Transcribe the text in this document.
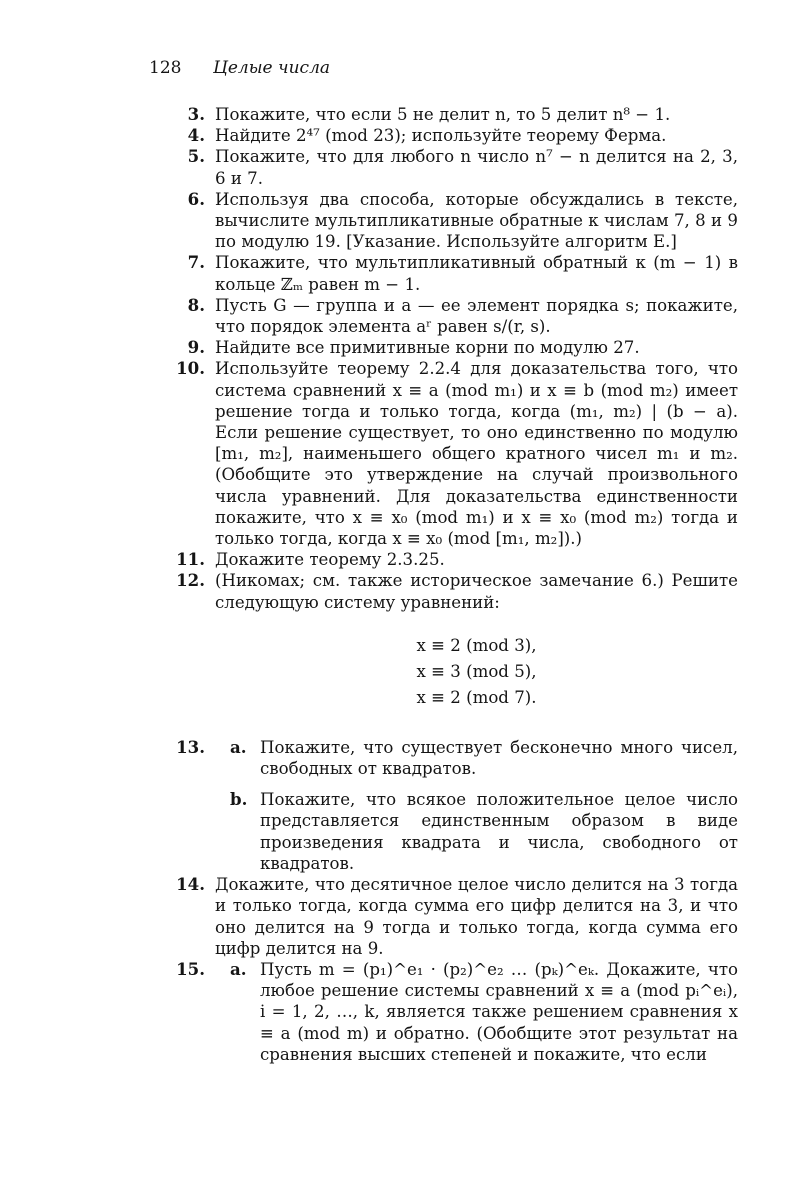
128 Целые числа
3. Покажите, что если 5 не делит n, то 5 делит n⁸ − 1.
4. Найдите 2⁴⁷ (mod 23); используйте теорему Ферма.
5. Покажите, что для любого n число n⁷ − n делится на 2, 3, 6 и 7.
6. Используя два способа, которые обсуждались в тексте, вычислите мультипликативные обратные к числам 7, 8 и 9 по модулю 19. [Указание. Используйте алгоритм E.]
7. Покажите, что мультипликативный обратный к (m − 1) в кольце ℤₘ равен m − 1.
8. Пусть G — группа и a — ее элемент порядка s; покажите, что порядок элемента aʳ равен s/(r, s).
9. Найдите все примитивные корни по модулю 27.
10. Используйте теорему 2.2.4 для доказательства того, что система сравнений x ≡ a (mod m₁) и x ≡ b (mod m₂) имеет решение тогда и только тогда, когда (m₁, m₂) | (b − a). Если решение существует, то оно единственно по модулю [m₁, m₂], наименьшего общего кратного чисел m₁ и m₂. (Обобщите это утверждение на случай произвольного числа уравнений. Для доказательства единственности покажите, что x ≡ x₀ (mod m₁) и x ≡ x₀ (mod m₂) тогда и только тогда, когда x ≡ x₀ (mod [m₁, m₂]).)
11. Докажите теорему 2.3.25.
12. (Никомах; см. также историческое замечание 6.) Решите следующую систему уравнений:
x ≡ 2 (mod 3),
x ≡ 3 (mod 5),
x ≡ 2 (mod 7).
13. a. Покажите, что существует бесконечно много чисел, свободных от квадратов.
b. Покажите, что всякое положительное целое число представляется единственным образом в виде произведения квадрата и числа, свободного от квадратов.
14. Докажите, что десятичное целое число делится на 3 тогда и только тогда, когда сумма его цифр делится на 3, и что оно делится на 9 тогда и только тогда, когда сумма его цифр делится на 9.
15. a. Пусть m = (p₁)^e₁ · (p₂)^e₂ … (pₖ)^eₖ. Докажите, что любое решение системы сравнений x ≡ a (mod pᵢ^eᵢ), i = 1, 2, …, k, является также решением сравнения x ≡ a (mod m) и обратно. (Обобщите этот результат на сравнения высших степеней и покажите, что если
